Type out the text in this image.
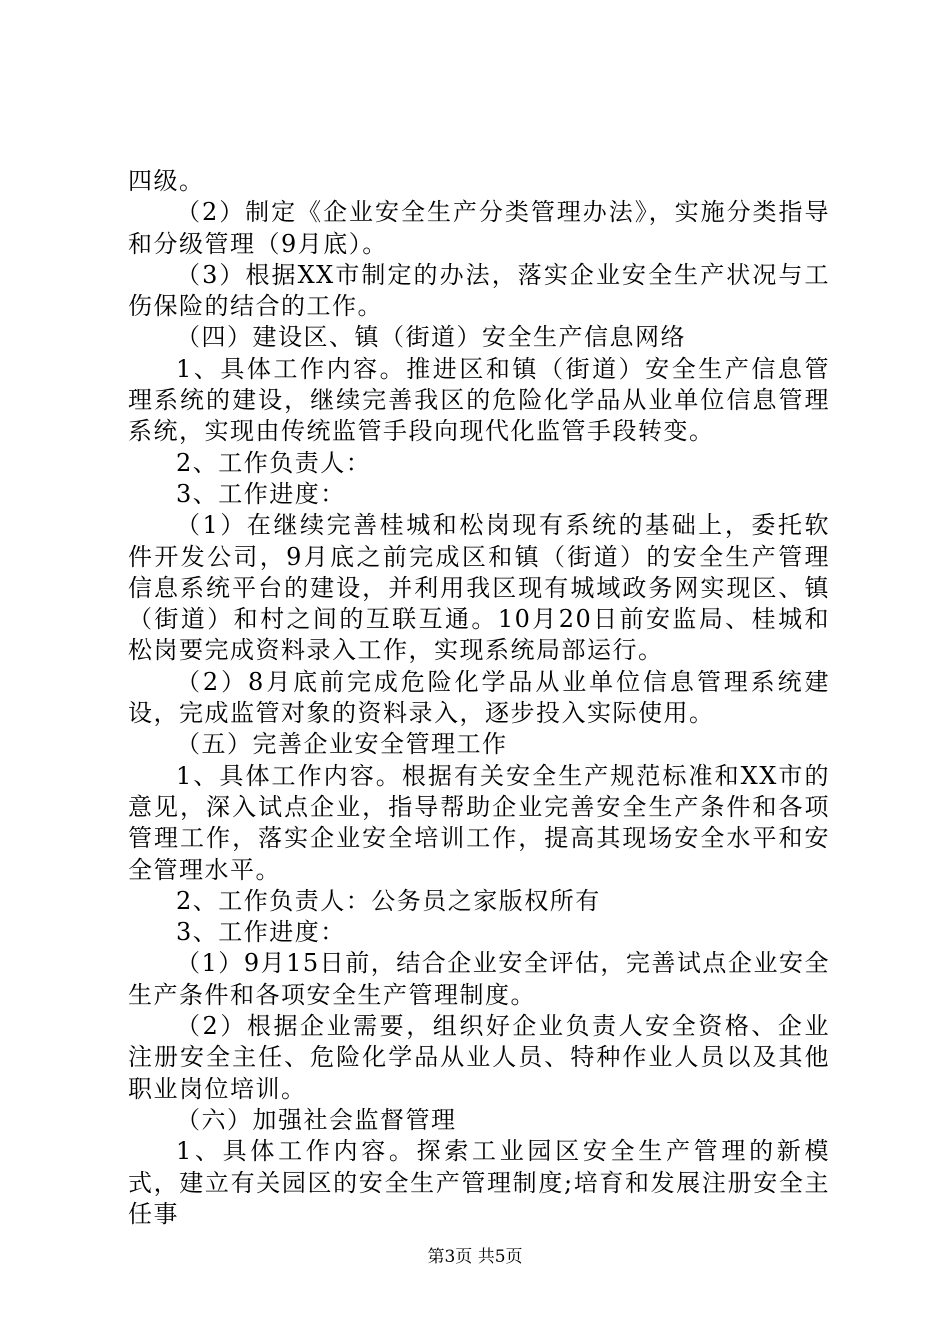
四级。

（2）制定《企业安全生产分类管理办法》，实施分类指导和分级管理（9月底）。

（3）根据XX市制定的办法，落实企业安全生产状况与工伤保险的结合的工作。

（四）建设区、镇（街道）安全生产信息网络

1、具体工作内容。推进区和镇（街道）安全生产信息管理系统的建设，继续完善我区的危险化学品从业单位信息管理系统，实现由传统监管手段向现代化监管手段转变。

2、工作负责人：

3、工作进度：

（1）在继续完善桂城和松岗现有系统的基础上，委托软件开发公司，9月底之前完成区和镇（街道）的安全生产管理信息系统平台的建设，并利用我区现有城域政务网实现区、镇（街道）和村之间的互联互通。10月20日前安监局、桂城和松岗要完成资料录入工作，实现系统局部运行。

（2）8月底前完成危险化学品从业单位信息管理系统建设，完成监管对象的资料录入，逐步投入实际使用。

（五）完善企业安全管理工作

1、具体工作内容。根据有关安全生产规范标准和XX市的意见，深入试点企业，指导帮助企业完善安全生产条件和各项管理工作，落实企业安全培训工作，提高其现场安全水平和安全管理水平。

2、工作负责人：公务员之家版权所有

3、工作进度：

（1）9月15日前，结合企业安全评估，完善试点企业安全生产条件和各项安全生产管理制度。

（2）根据企业需要，组织好企业负责人安全资格、企业注册安全主任、危险化学品从业人员、特种作业人员以及其他职业岗位培训。

（六）加强社会监督管理

1、具体工作内容。探索工业园区安全生产管理的新模式，建立有关园区的安全生产管理制度;培育和发展注册安全主任事

第3页 共5页
